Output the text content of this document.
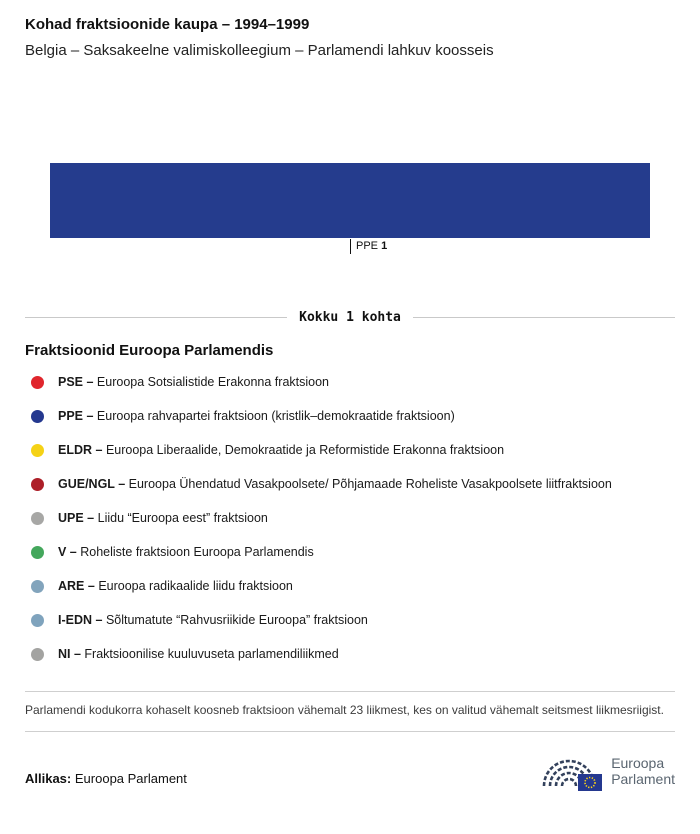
Kohad fraktsioonide kaupa – 1994–1999
Belgia – Saksakeelne valimiskolleegium – Parlamendi lahkuv koosseis
PPE 1
Kokku 1 kohta
Fraktsioonid Euroopa Parlamendis
PSE – Euroopa Sotsialistide Erakonna fraktsioon
PPE – Euroopa rahvapartei fraktsioon (kristlik–demokraatide fraktsioon)
ELDR – Euroopa Liberaalide, Demokraatide ja Reformistide Erakonna fraktsioon
GUE/NGL – Euroopa Ühendatud Vasakpoolsete/ Põhjamaade Roheliste Vasakpoolsete liitfraktsioon
UPE – Liidu “Euroopa eest” fraktsioon
V – Roheliste fraktsioon Euroopa Parlamendis
ARE – Euroopa radikaalide liidu fraktsioon
I-EDN – Sõltumatute “Rahvusriikide Euroopa” fraktsioon
NI – Fraktsioonilise kuuluvuseta parlamendiliikmed

Parlamendi kodukorra kohaselt koosneb fraktsioon vähemalt 23 liikmest, kes on valitud vähemalt seitsmest liikmesriigist.

Allikas: Euroopa Parlament
Euroopa
Parlament
